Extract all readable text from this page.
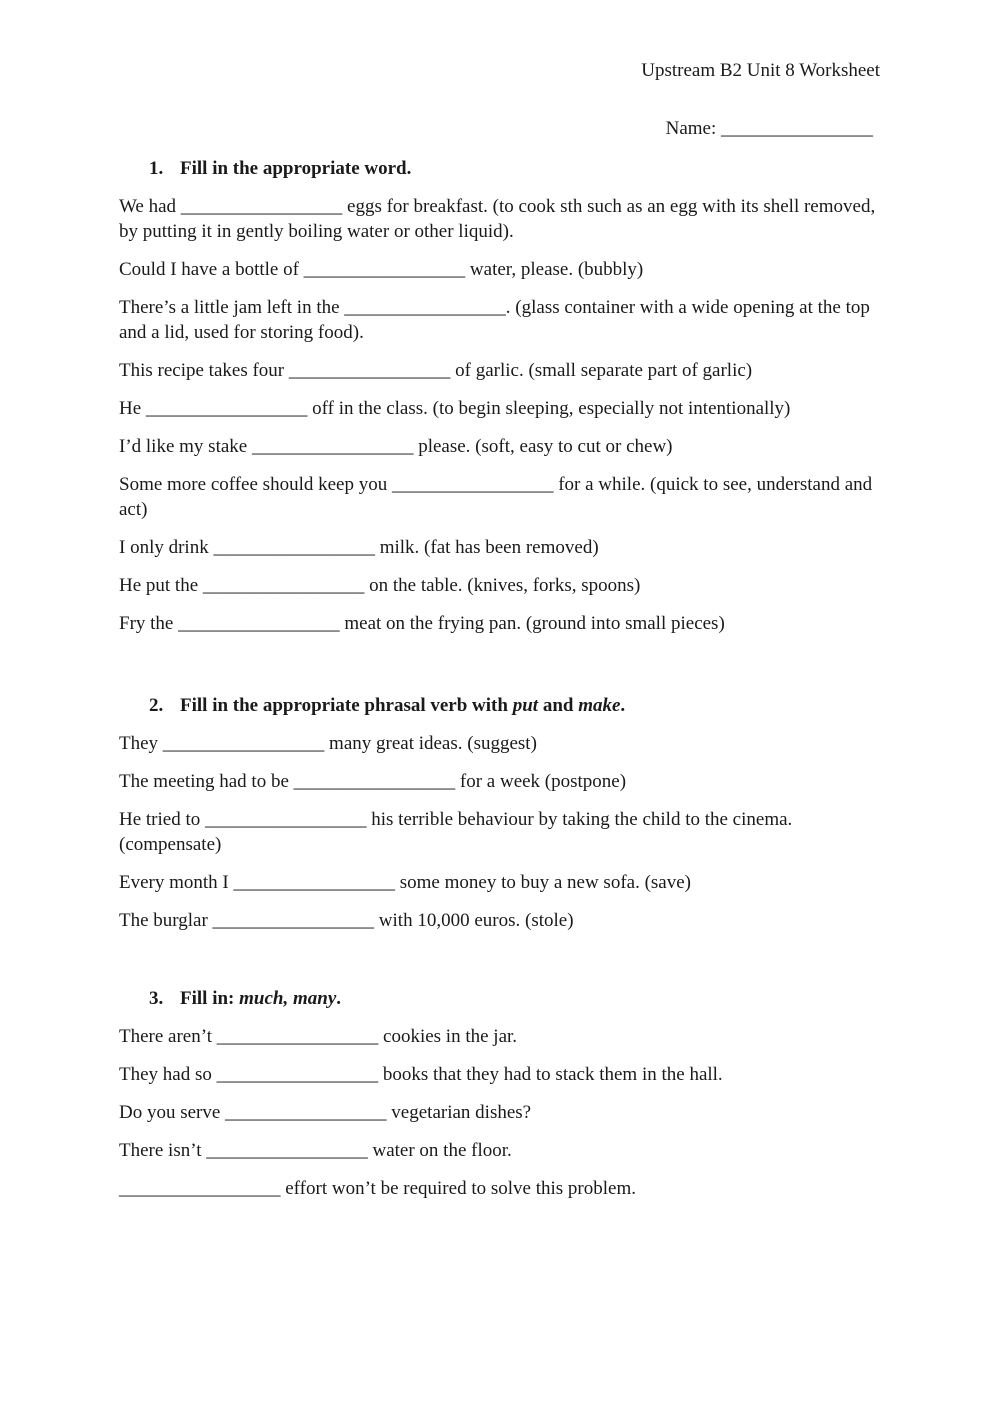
Upstream B2 Unit 8 Worksheet
Name: ________________
1. Fill in the appropriate word.
We had _________________ eggs for breakfast. (to cook sth such as an egg with its shell removed, by putting it in gently boiling water or other liquid).
Could I have a bottle of _________________ water, please. (bubbly)
There’s a little jam left in the _________________. (glass container with a wide opening at the top and a lid, used for storing food).
This recipe takes four _________________ of garlic. (small separate part of garlic)
He _________________ off in the class. (to begin sleeping, especially not intentionally)
I’d like my stake _________________ please. (soft, easy to cut or chew)
Some more coffee should keep you _________________ for a while. (quick to see, understand and act)
I only drink _________________ milk. (fat has been removed)
He put the _________________ on the table. (knives, forks, spoons)
Fry the _________________ meat on the frying pan. (ground into small pieces)
2. Fill in the appropriate phrasal verb with put and make.
They _________________ many great ideas. (suggest)
The meeting had to be _________________ for a week (postpone)
He tried to _________________ his terrible behaviour by taking the child to the cinema. (compensate)
Every month I _________________ some money to buy a new sofa. (save)
The burglar _________________ with 10,000 euros. (stole)
3. Fill in: much, many.
There aren’t _________________ cookies in the jar.
They had so _________________ books that they had to stack them in the hall.
Do you serve _________________ vegetarian dishes?
There isn’t _________________ water on the floor.
_________________ effort won’t be required to solve this problem.
